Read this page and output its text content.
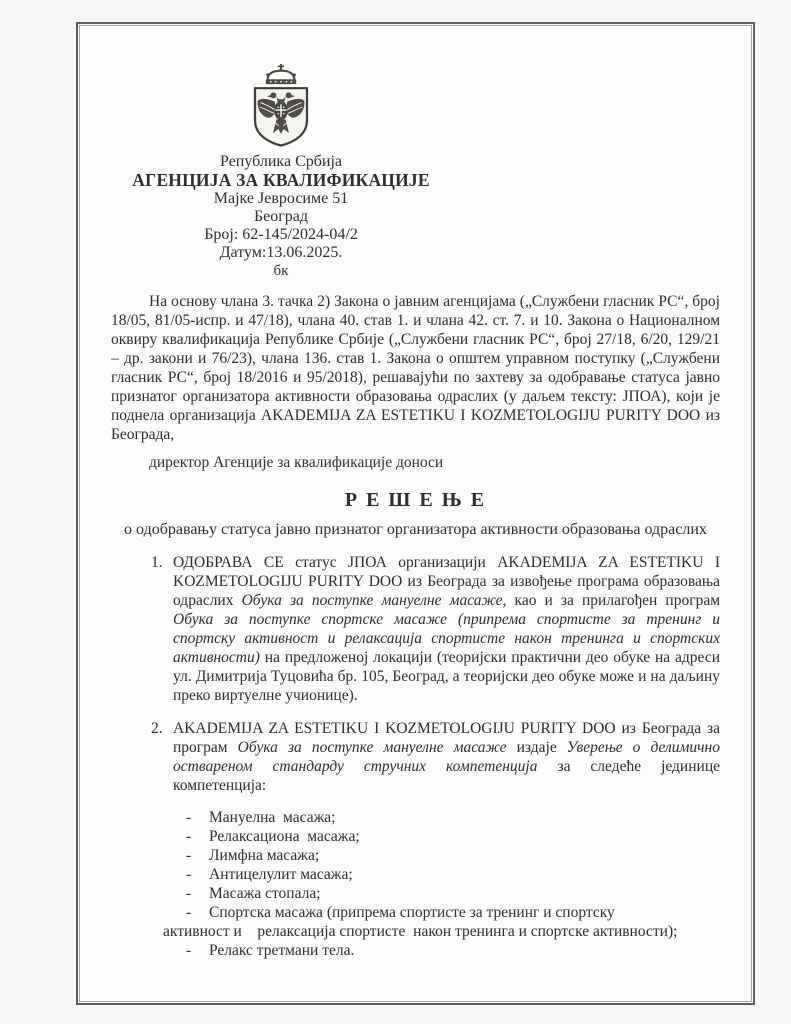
Република Србија
АГЕНЦИЈА ЗА КВАЛИФИКАЦИЈЕ
Мајке Јевросиме 51
Београд
Број: 62-145/2024-04/2
Датум:13.06.2025.
бк

На основу члана 3. тачка 2) Закона о јавним агенцијама („Службени гласник РС“, број 18/05, 81/05-испр. и 47/18), члана 40. став 1. и члана 42. ст. 7. и 10. Закона о Националном оквиру квалификација Републике Србије („Службени гласник РС“, број 27/18, 6/20, 129/21 – др. закони и 76/23), члана 136. став 1. Закона о општем управном поступку („Службени гласник РС“, број 18/2016 и 95/2018), решавајући по захтеву за одобравање статуса јавно признатог организатора активности образовања одраслих (у даљем тексту: ЈПОА), који је поднела организација AKADEMIJA ZA ESTETIKU I KOZMETOLOGIJU PURITY DOO из Београда,

директор Агенције за квалификације доноси

Р Е Ш Е Њ Е
о одобравању статуса јавно признатог организатора активности образовања одраслих
1. ОДОБРАВА СЕ статус ЈПОА организацији AKADEMIJA ZA ESTETIKU I KOZMETOLOGIJU PURITY DOO из Београда за извођење програма образовања одраслих Обука за поступке мануелне масаже, као и за прилагођен програм Обука за поступке спортске масаже (припрема спортисте за тренинг и спортску активност и релаксација спортисте након тренинга и спортских активности) на предложеној локацији (теоријски практични део обуке на адреси ул. Димитрија Туцовића бр. 105, Београд, а теоријски део обуке може и на даљину преко виртуелне учионице).
2. AKADEMIJA ZA ESTETIKU I KOZMETOLOGIJU PURITY DOO из Београда за програм Обука за поступке мануелне масаже издаје Уверење о делимично оствареном стандарду стручних компетенција за следеће јединице компетенција:
-	Мануелна  масажа;
-	Релаксациона  масажа;
-	Лимфна масажа;
-	Антицелулит масажа;
-	Масажа стопала;
-	Спортска масажа (припрема спортисте за тренинг и спортску
активност и    релаксација спортисте  након тренинга и спортске активности);
-	Релакс третмани тела.
